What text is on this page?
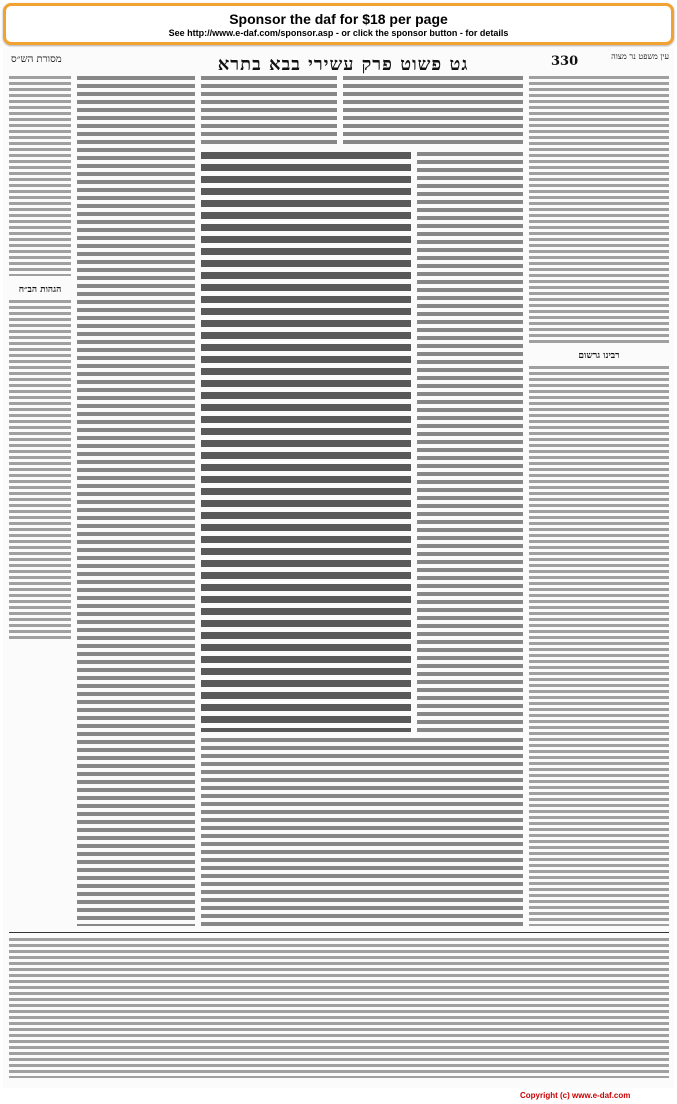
Sponsor the daf for $18 per page
See http://www.e-daf.com/sponsor.asp - or click the sponsor button - for details
מסורת הש״ס	גט פשוט פרק עשירי בבא בתרא	330	עין משפט נר מצוה
הגהות הב״ח
רבינו גרשום
Copyright (c) www.e-daf.com
